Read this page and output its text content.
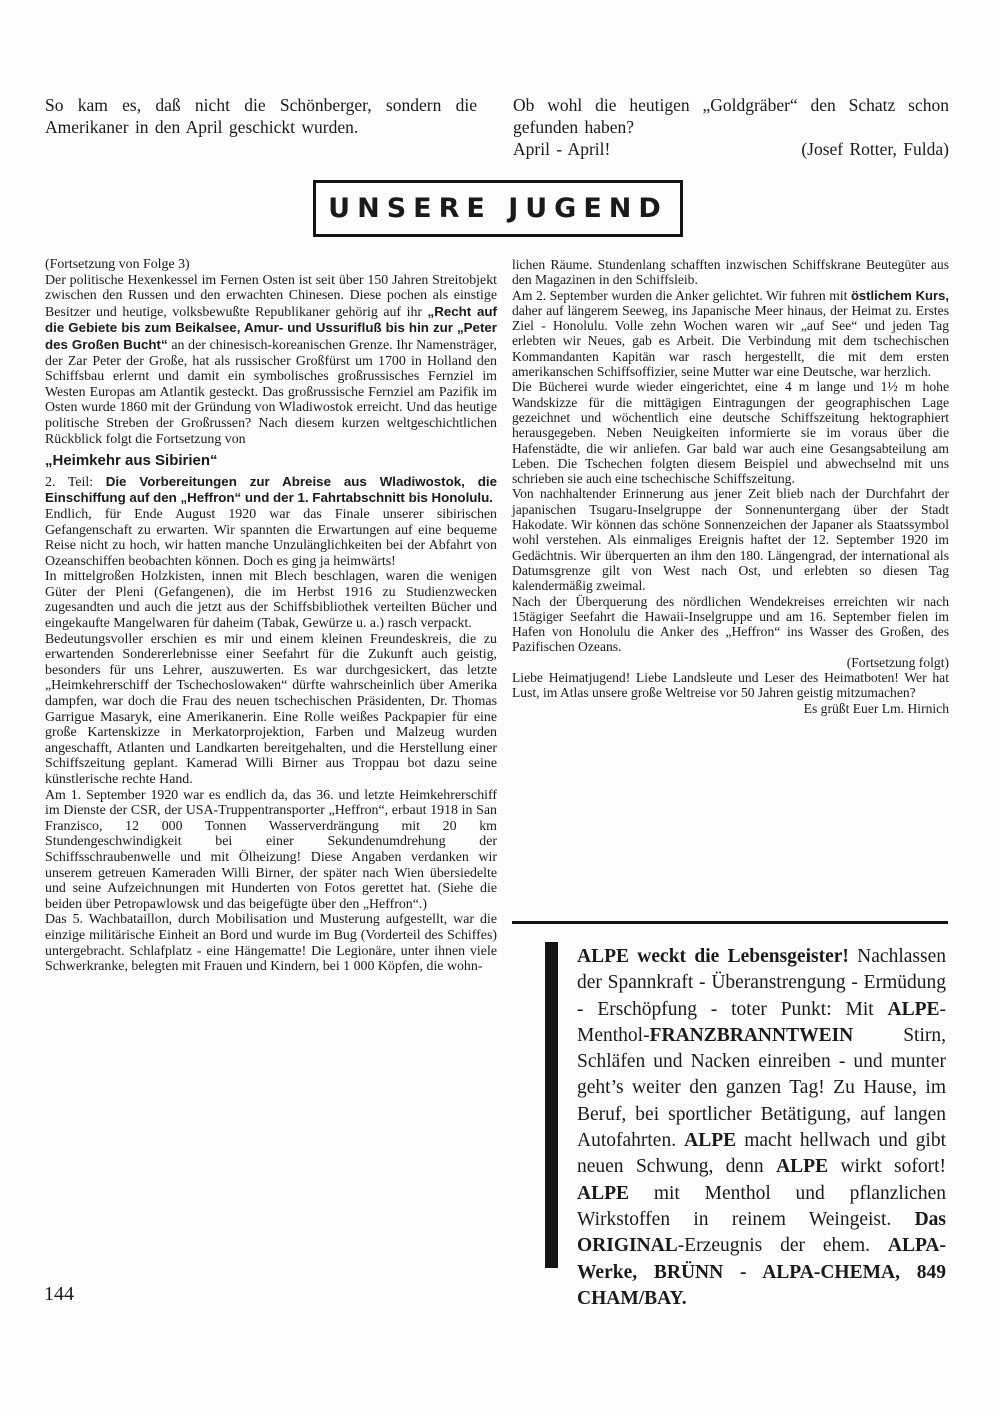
So kam es, daß nicht die Schönberger, sondern die Amerikaner in den April geschickt wurden.
Ob wohl die heutigen „Goldgräber“ den Schatz schon gefunden haben?
April - April!	(Josef Rotter, Fulda)
UNSERE JUGEND

(Fortsetzung von Folge 3)

Der politische Hexenkessel im Fernen Osten ist seit über 150 Jahren Streitobjekt zwischen den Russen und den erwachten Chinesen. Diese pochen als einstige Besitzer und heutige, volksbewußte Republikaner gehörig auf ihr „Recht auf die Gebiete bis zum Beikalsee, Amur- und Ussurifluß bis hin zur „Peter des Großen Bucht“ an der chinesisch-koreanischen Grenze. Ihr Namensträger, der Zar Peter der Große, hat als russischer Großfürst um 1700 in Holland den Schiffsbau erlernt und damit ein symbolisches großrussisches Fernziel im Westen Europas am Atlantik gesteckt. Das großrussische Fernziel am Pazifik im Osten wurde 1860 mit der Gründung von Wladiwostok erreicht. Und das heutige politische Streben der Großrussen? Nach diesem kurzen weltgeschichtlichen Rückblick folgt die Fortsetzung von

„Heimkehr aus Sibirien“

2. Teil: Die Vorbereitungen zur Abreise aus Wladiwostok, die Einschiffung auf den „Heffron“ und der 1. Fahrtabschnitt bis Honolulu.

Endlich, für Ende August 1920 war das Finale unserer sibirischen Gefangenschaft zu erwarten. Wir spannten die Erwartungen auf eine bequeme Reise nicht zu hoch, wir hatten manche Unzulänglichkeiten bei der Abfahrt von Ozeanschiffen beobachten können. Doch es ging ja heimwärts!

In mittelgroßen Holzkisten, innen mit Blech beschlagen, waren die wenigen Güter der Pleni (Gefangenen), die im Herbst 1916 zu Studienzwecken zugesandten und auch die jetzt aus der Schiffsbibliothek verteilten Bücher und eingekaufte Mangelwaren für daheim (Tabak, Gewürze u. a.) rasch verpackt.

Bedeutungsvoller erschien es mir und einem kleinen Freundeskreis, die zu erwartenden Sondererlebnisse einer Seefahrt für die Zukunft auch geistig, besonders für uns Lehrer, auszuwerten. Es war durchgesickert, das letzte „Heimkehrerschiff der Tschechoslowaken“ dürfte wahrscheinlich über Amerika dampfen, war doch die Frau des neuen tschechischen Präsidenten, Dr. Thomas Garrigue Masaryk, eine Amerikanerin. Eine Rolle weißes Packpapier für eine große Kartenskizze in Merkatorprojektion, Farben und Malzeug wurden angeschafft, Atlanten und Landkarten bereitgehalten, und die Herstellung einer Schiffszeitung geplant. Kamerad Willi Birner aus Troppau bot dazu seine künstlerische rechte Hand.

Am 1. September 1920 war es endlich da, das 36. und letzte Heimkehrerschiff im Dienste der CSR, der USA-Truppentransporter „Heffron“, erbaut 1918 in San Franzisco, 12 000 Tonnen Wasserverdrängung mit 20 km Stundengeschwindigkeit bei einer Sekundenumdrehung der Schiffsschraubenwelle und mit Ölheizung! Diese Angaben verdanken wir unserem getreuen Kameraden Willi Birner, der später nach Wien übersiedelte und seine Aufzeichnungen mit Hunderten von Fotos gerettet hat. (Siehe die beiden über Petropawlowsk und das beigefügte über den „Heffron“.)

Das 5. Wachbataillon, durch Mobilisation und Musterung aufgestellt, war die einzige militärische Einheit an Bord und wurde im Bug (Vorderteil des Schiffes) untergebracht. Schlafplatz - eine Hängematte! Die Legionäre, unter ihnen viele Schwerkranke, belegten mit Frauen und Kindern, bei 1 000 Köpfen, die wohn-

lichen Räume. Stundenlang schafften inzwischen Schiffskrane Beutegüter aus den Magazinen in den Schiffsleib.

Am 2. September wurden die Anker gelichtet. Wir fuhren mit östlichem Kurs, daher auf längerem Seeweg, ins Japanische Meer hinaus, der Heimat zu. Erstes Ziel - Honolulu. Volle zehn Wochen waren wir „auf See“ und jeden Tag erlebten wir Neues, gab es Arbeit. Die Verbindung mit dem tschechischen Kommandanten Kapitän war rasch hergestellt, die mit dem ersten amerikanschen Schiffsoffizier, seine Mutter war eine Deutsche, war herzlich.

Die Bücherei wurde wieder eingerichtet, eine 4 m lange und 1½ m hohe Wandskizze für die mittägigen Eintragungen der geographischen Lage gezeichnet und wöchentlich eine deutsche Schiffszeitung hektographiert herausgegeben. Neben Neuigkeiten informierte sie im voraus über die Hafenstädte, die wir anliefen. Gar bald war auch eine Gesangsabteilung am Leben. Die Tschechen folgten diesem Beispiel und abwechselnd mit uns schrieben sie auch eine tschechische Schiffszeitung.

Von nachhaltender Erinnerung aus jener Zeit blieb nach der Durchfahrt der japanischen Tsugaru-Inselgruppe der Sonnenuntergang über der Stadt Hakodate. Wir können das schöne Sonnenzeichen der Japaner als Staatssymbol wohl verstehen. Als einmaliges Ereignis haftet der 12. September 1920 im Gedächtnis. Wir überquerten an ihm den 180. Längengrad, der international als Datumsgrenze gilt von West nach Ost, und erlebten so diesen Tag kalendermäßig zweimal.

Nach der Überquerung des nördlichen Wendekreises erreichten wir nach 15tägiger Seefahrt die Hawaii-Inselgruppe und am 16. September fielen im Hafen von Honolulu die Anker des „Heffron“ ins Wasser des Großen, des Pazifischen Ozeans.

(Fortsetzung folgt)

Liebe Heimatjugend! Liebe Landsleute und Leser des Heimatboten! Wer hat Lust, im Atlas unsere große Weltreise vor 50 Jahren geistig mitzumachen?

Es grüßt Euer Lm. Hirnich

ALPE weckt die Lebensgeister! Nachlassen der Spannkraft - Überanstrengung - Ermüdung - Erschöpfung - toter Punkt: Mit ALPE-Menthol-FRANZBRANNTWEIN Stirn, Schläfen und Nacken einreiben - und munter geht’s weiter den ganzen Tag! Zu Hause, im Beruf, bei sportlicher Betätigung, auf langen Autofahrten. ALPE macht hellwach und gibt neuen Schwung, denn ALPE wirkt sofort! ALPE mit Menthol und pflanzlichen Wirkstoffen in reinem Weingeist. Das ORIGINAL-Erzeugnis der ehem. ALPA-Werke, BRÜNN - ALPA-CHEMA, 849 CHAM/BAY.
144
